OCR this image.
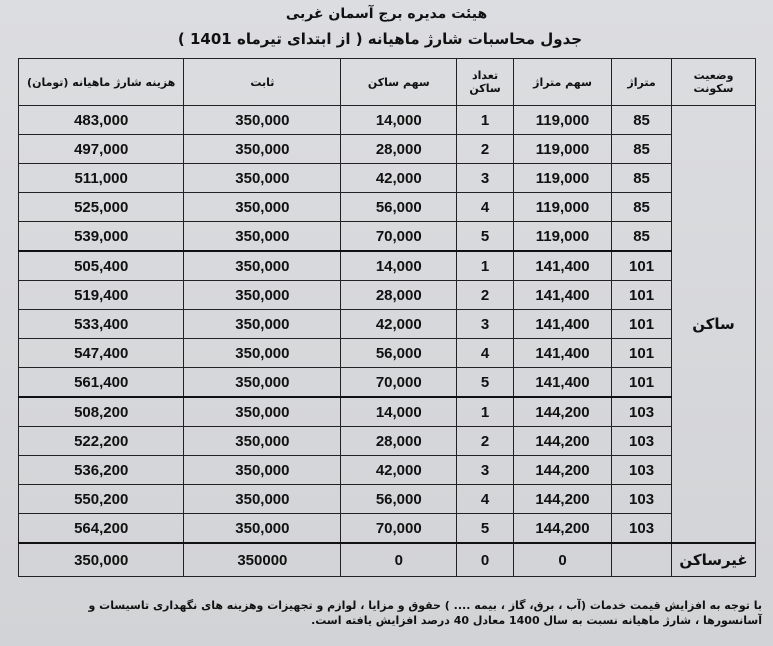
هیئت مدیره برج آسمان غربی
جدول محاسبات شارژ ماهیانه ( از ابتدای تیرماه 1401 )
وضعیت سکونت	متراژ	سهم متراژ	تعداد ساکن	سهم ساکن	ثابت	هزینه شارژ ماهیانه (تومان)
ساکن	85	119,000	1	14,000	350,000	483,000
	85	119,000	2	28,000	350,000	497,000
	85	119,000	3	42,000	350,000	511,000
	85	119,000	4	56,000	350,000	525,000
	85	119,000	5	70,000	350,000	539,000
	101	141,400	1	14,000	350,000	505,400
	101	141,400	2	28,000	350,000	519,400
	101	141,400	3	42,000	350,000	533,400
	101	141,400	4	56,000	350,000	547,400
	101	141,400	5	70,000	350,000	561,400
	103	144,200	1	14,000	350,000	508,200
	103	144,200	2	28,000	350,000	522,200
	103	144,200	3	42,000	350,000	536,200
	103	144,200	4	56,000	350,000	550,200
	103	144,200	5	70,000	350,000	564,200
غیرساکن		0	0	0	350000	350,000
با توجه به افزایش قیمت خدمات (آب ، برق، گاز ، بیمه .... ) حقوق و مزایا ، لوازم و تجهیزات وهزینه های نگهداری تاسیسات و
آسانسورها ، شارژ ماهیانه نسبت به سال 1400 معادل 40 درصد افزایش یافته است.
